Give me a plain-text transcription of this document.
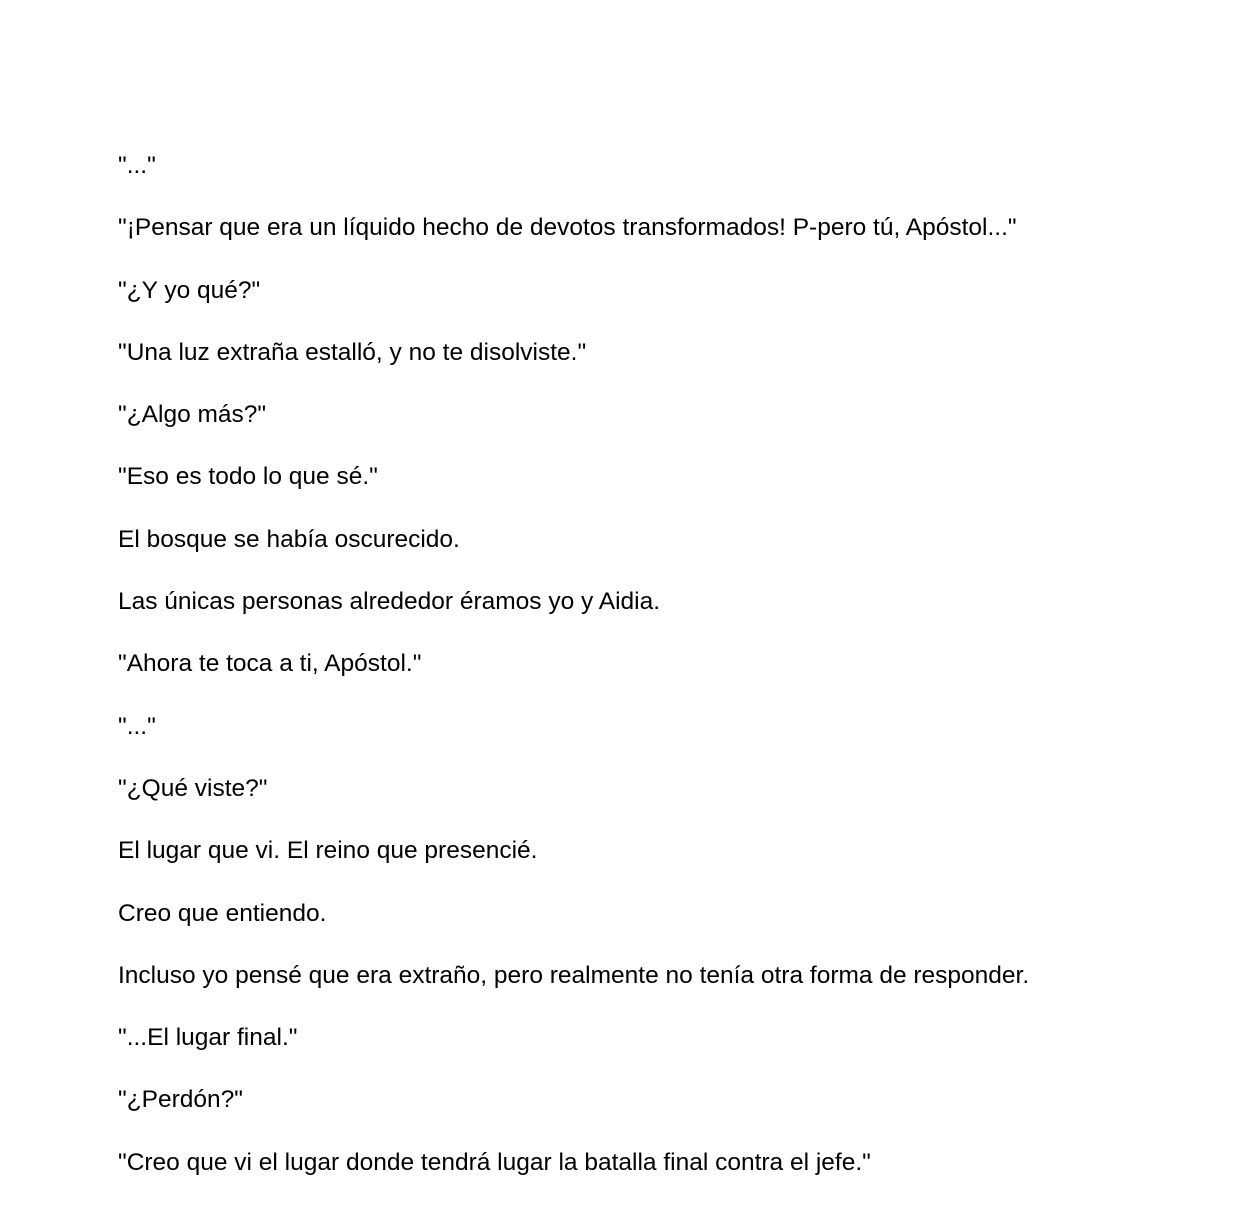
"..."

"¡Pensar que era un líquido hecho de devotos transformados! P-pero tú, Apóstol..."

"¿Y yo qué?"

"Una luz extraña estalló, y no te disolviste."

"¿Algo más?"

"Eso es todo lo que sé."

El bosque se había oscurecido.

Las únicas personas alrededor éramos yo y Aidia.

"Ahora te toca a ti, Apóstol."

"..."

"¿Qué viste?"

El lugar que vi. El reino que presencié.

Creo que entiendo.

Incluso yo pensé que era extraño, pero realmente no tenía otra forma de responder.

"...El lugar final."

"¿Perdón?"

"Creo que vi el lugar donde tendrá lugar la batalla final contra el jefe."
